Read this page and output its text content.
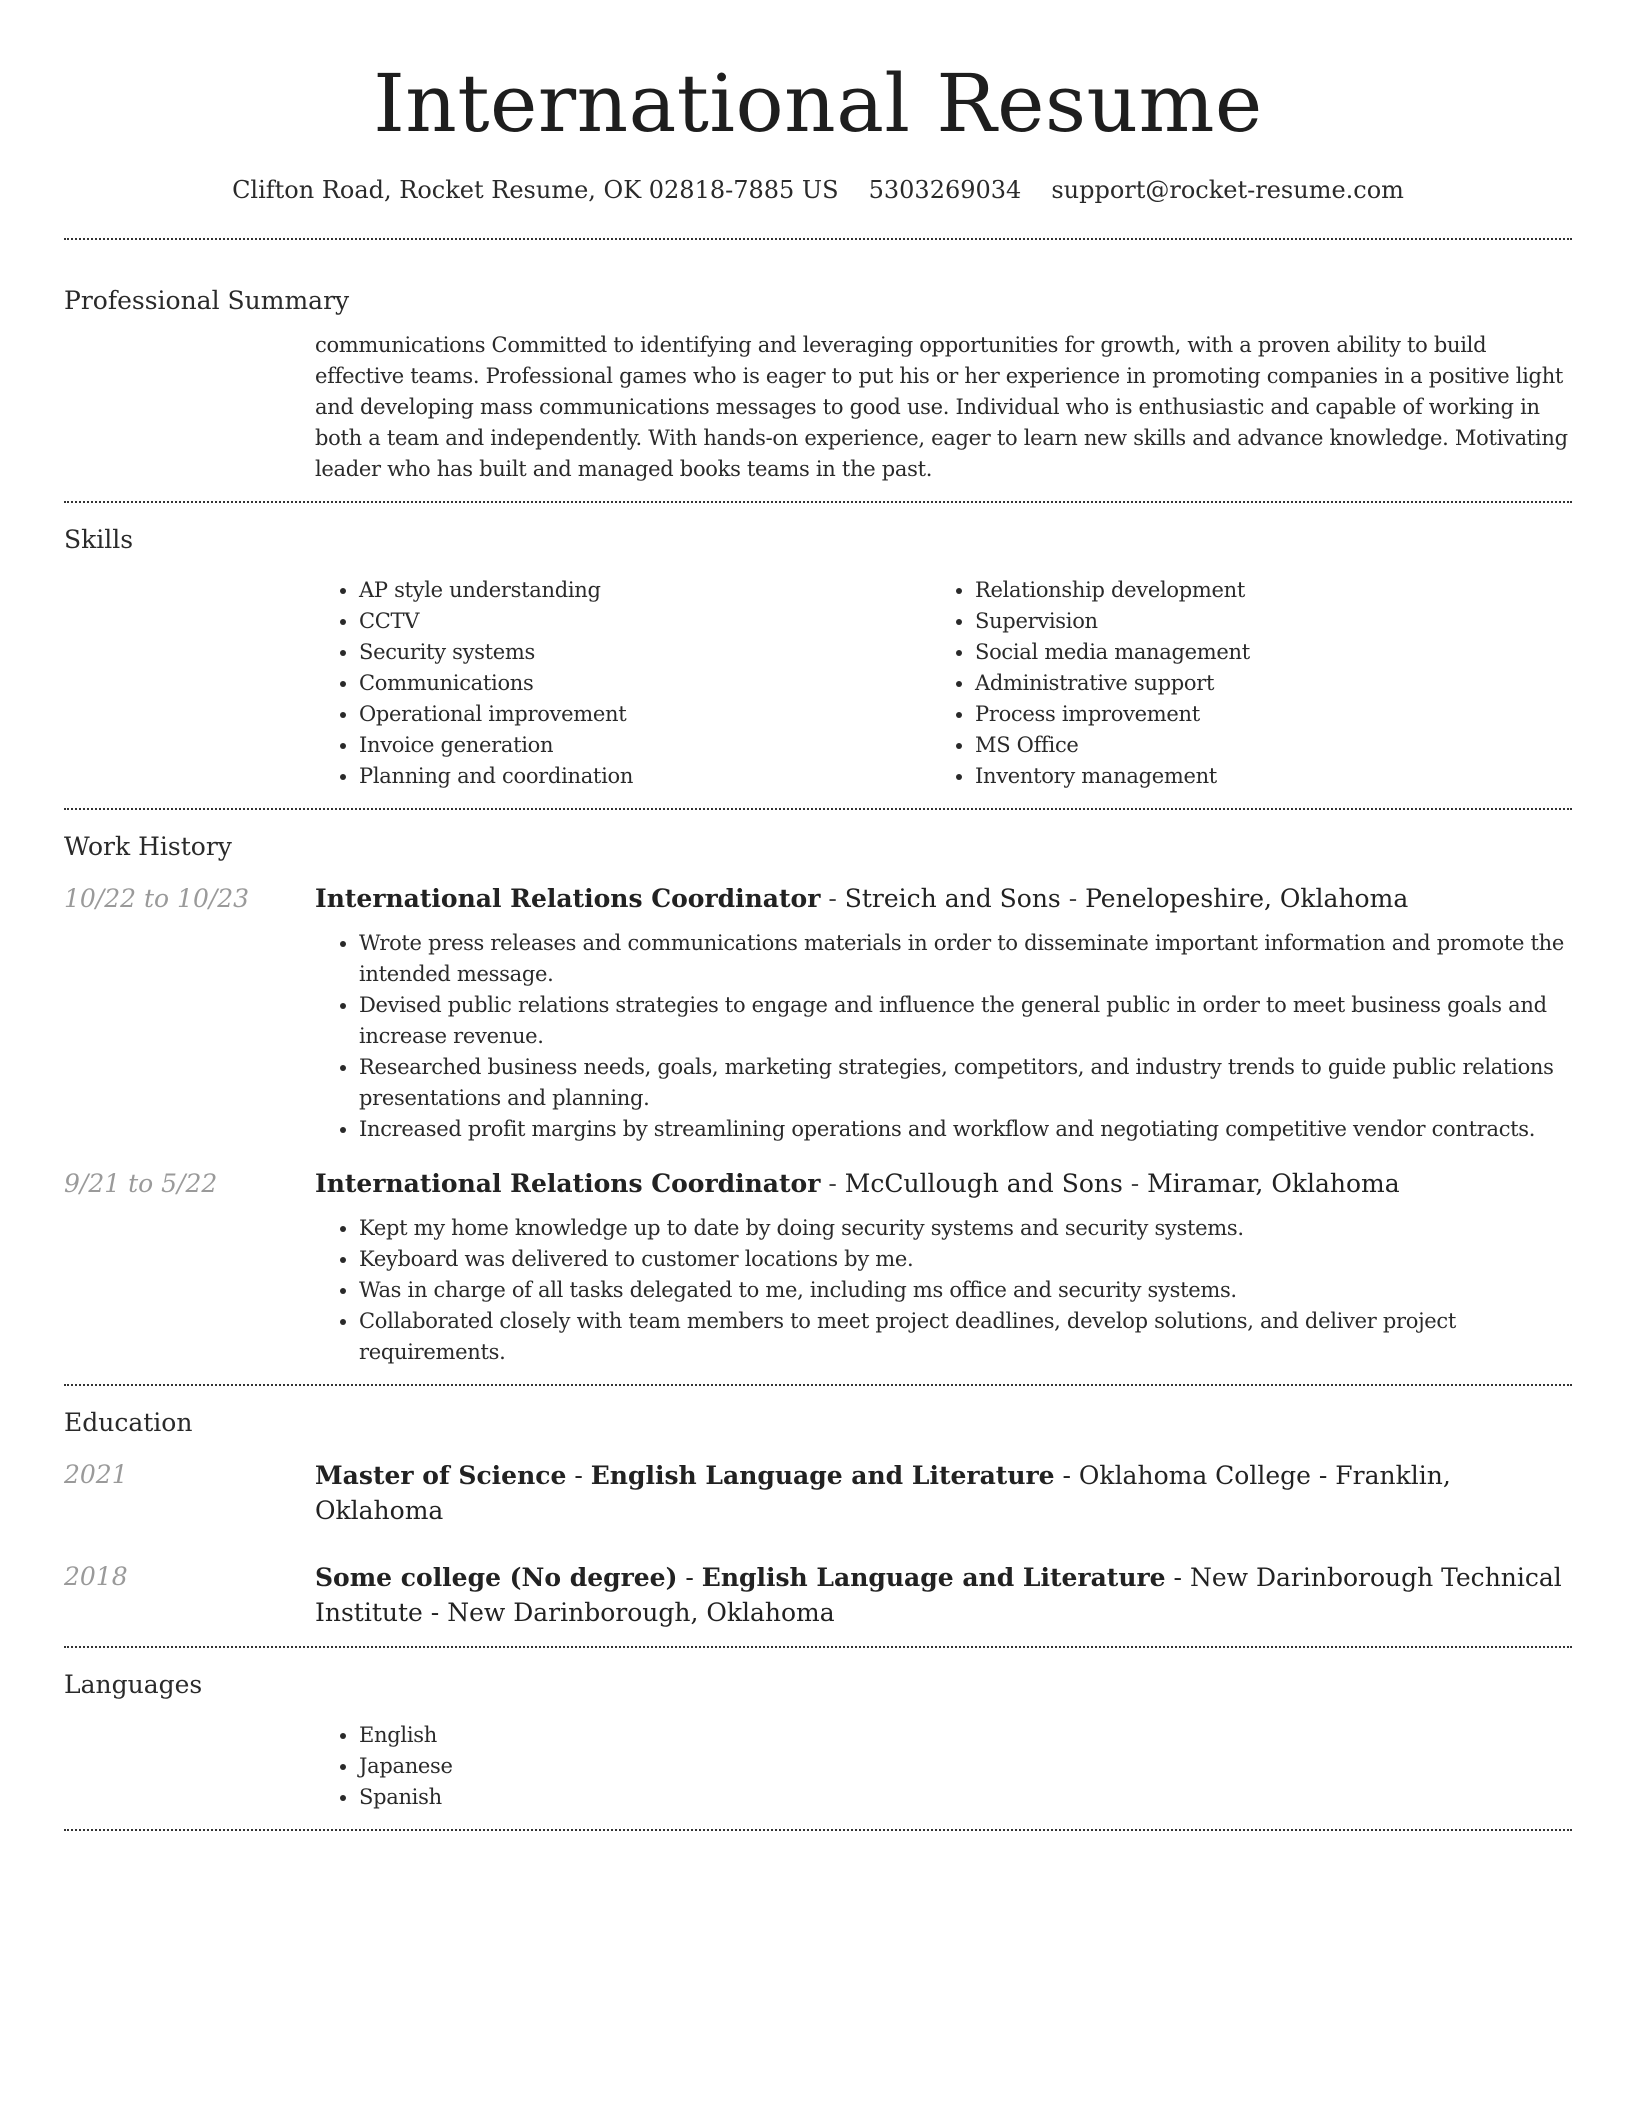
International Resume
Clifton Road, Rocket Resume, OK 02818-7885 US 5303269034 support@rocket-resume.com
Professional Summary

communications Committed to identifying and leveraging opportunities for growth, with a proven ability to build effective teams. Professional games who is eager to put his or her experience in promoting companies in a positive light and developing mass communications messages to good use. Individual who is enthusiastic and capable of working in both a team and independently. With hands-on experience, eager to learn new skills and advance knowledge. Motivating leader who has built and managed books teams in the past.

Skills
• AP style understanding
• CCTV
• Security systems
• Communications
• Operational improvement
• Invoice generation
• Planning and coordination
• Relationship development
• Supervision
• Social media management
• Administrative support
• Process improvement
• MS Office
• Inventory management
Work History
10/22 to 10/23	International Relations Coordinator - Streich and Sons - Penelopeshire, Oklahoma
• Wrote press releases and communications materials in order to disseminate important information and promote the intended message.
• Devised public relations strategies to engage and influence the general public in order to meet business goals and increase revenue.
• Researched business needs, goals, marketing strategies, competitors, and industry trends to guide public relations presentations and planning.
• Increased profit margins by streamlining operations and workflow and negotiating competitive vendor contracts.
9/21 to 5/22	International Relations Coordinator - McCullough and Sons - Miramar, Oklahoma
• Kept my home knowledge up to date by doing security systems and security systems.
• Keyboard was delivered to customer locations by me.
• Was in charge of all tasks delegated to me, including ms office and security systems.
• Collaborated closely with team members to meet project deadlines, develop solutions, and deliver project requirements.
Education
2021	Master of Science - English Language and Literature - Oklahoma College - Franklin, Oklahoma

2018	Some college (No degree) - English Language and Literature - New Darinborough Technical Institute - New Darinborough, Oklahoma

Languages
• English
• Japanese
• Spanish
